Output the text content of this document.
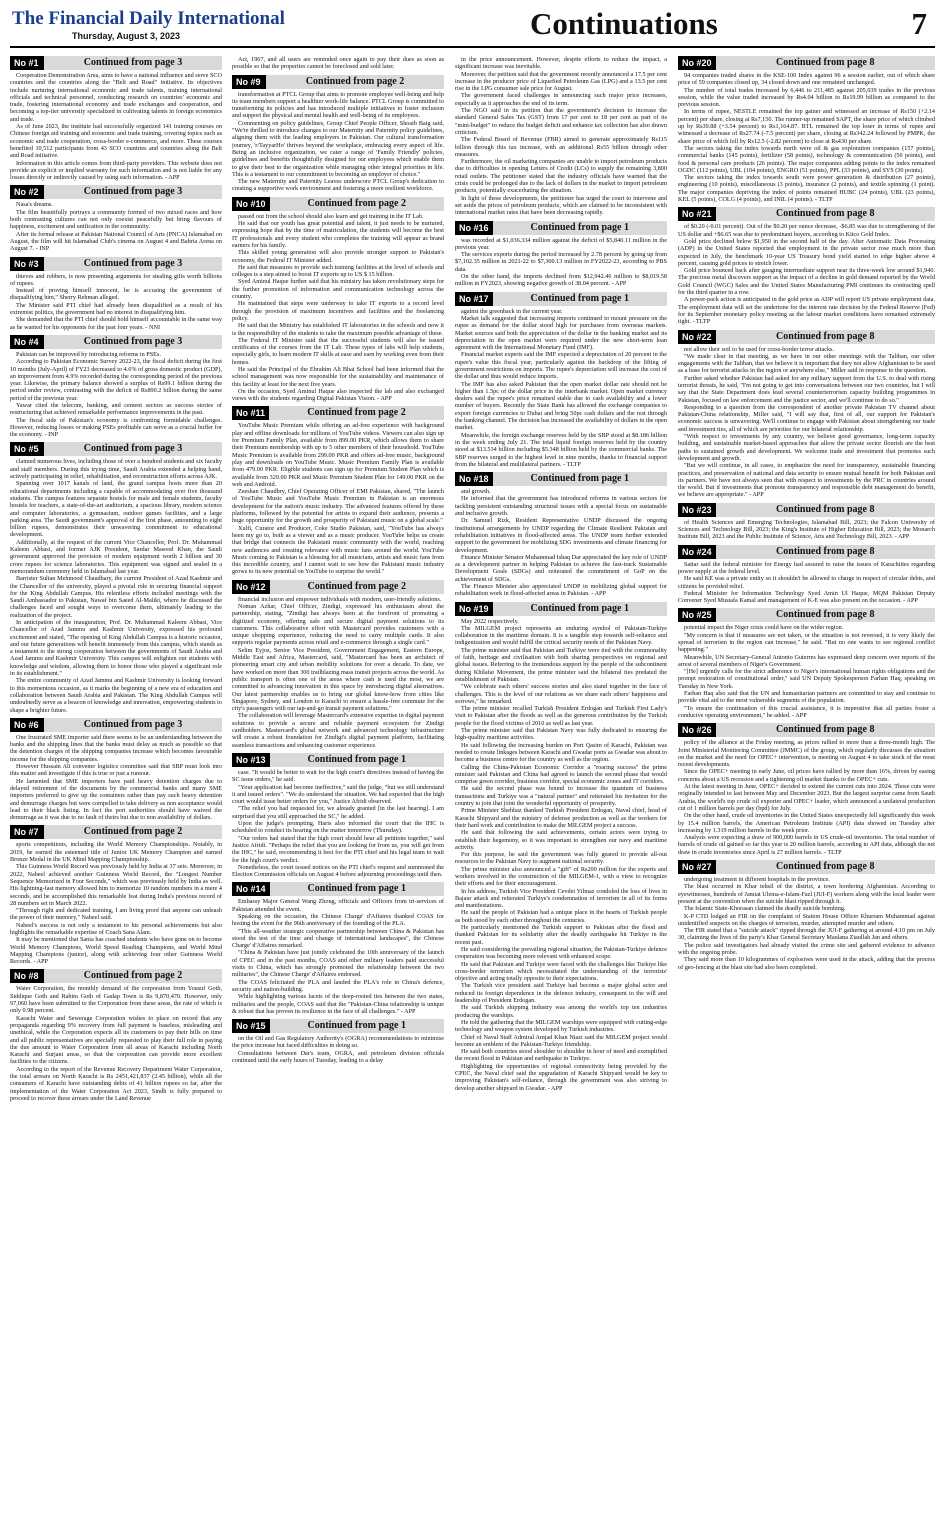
The Financial Daily International
Thursday, August 3, 2023	Continuations	7
No #1	Continued from page 3

Cooperation Demonstration Area, aims to have a national influence and serve SCO countries and the countries along the "Belt and Road" initiative. Its objectives include nurturing international economic and trade talents, training international officials and technical personnel, conducting research on countries' economic and trade, fostering international economy and trade exchanges and cooperation, and becoming a top-tier university specialized in cultivating talents in foreign economics and trade.

As of June 2023, the institute had successfully organized 141 training courses on Chinese foreign aid training and economic and trade training, covering topics such as economic and trade cooperation, cross-border e-commerce, and more. These courses benefited 10,512 participants from 43 SCO countries and countries along the Belt and Road initiative.

Information in this article comes from third-party providers. This website does not provide an explicit or implied warranty for such information and is not liable for any losses directly or indirectly caused by using such information. - APP

No #2	Continued from page 3

Nasa's dreams.

The film beautifully portrays a community formed of two mixed races and how both contrasting cultures can not only coexist peacefully but bring flavours of happiness, excitement and unification in the community.

After its formal release at Pakistan National Council of Arts (PNCA) Islamabad on August, the film will hit Islamabad Club's cinema on August 4 and Bahria Arena on August 7. - INP

No #3	Continued from page 3

thieves and robbers, is now presenting arguments for stealing gifts worth billions of rupees.

Instead of proving himself innocent, he is accusing the government of disqualifying him," Sherry Rehman alleged.

The Minister said PTI chief had already been disqualified as a result of his extremist politics, the government had no interest in disqualifying him.

She demanded that the PTI chief should hold himself accountable in the same way as he wanted for his opponents for the past four years. - NNI

No #4	Continued from page 3

Pakistan can be improved by introducing reforms in PSEs.

According to Pakistan Economic Survey 2022-23, the fiscal deficit during the first 10 months (July-April) of FY23 decreased to 4.6% of gross domestic product (GDP), an improvement from 4.9% recorded during the corresponding period of the previous year. Likewise, the primary balance showed a surplus of Rs99.1 billion during the period under review, contrasting with the deficit of Rs890.2 billion during the same period of the previous year.

Yawar cited the telecom, banking, and cement sectors as success stories of restructuring that achieved remarkable performance improvements in the past.

The fiscal side of Pakistan's economy is confronting formidable challenges. However, reducing losses or making PSEs profitable can serve as a crucial buffer for the economy. - INP

No #5	Continued from page 3

claimed numerous lives, including those of over a hundred students and six faculty and staff members. During this trying time, Saudi Arabia extended a helping hand, actively participating in relief, rehabilitation, and reconstruction efforts across AJK.

Spanning over 1017 kanals of land, the grand campus hosts more than 20 educational departments including a capable of accommodating over five thousand students. The campus features separate hostels for male and female students, faculty hostels for teachers, a state-of-the-art auditorium, a spacious library, modern science and computer laboratories, a gymnasium, outdoor games facilities, and a large parking area. The Saudi government's approval of the first phase, amounting to eight billion rupees, demonstrates their unwavering commitment to educational development.

Additionally, at the request of the current Vice Chancellor, Prof. Dr. Muhammad Kaleem Abbasi, and former AJK President, Sardar Masood Khan, the Saudi government approved the provision of modern equipment worth 2 billion and 30 crore rupees for science laboratories. This equipment was signed and sealed in a memorandum ceremony held in Islamabad last year.

Barrister Sultan Mehmood Chaudhary, the current President of Azad Kashmir and the Chancellor of the university, played a pivotal role in securing financial support for the King Abdullah Campus. His relentless efforts included meetings with the Saudi Ambassador to Pakistan, Nawaf bin Saeed Al-Maliki, where he discussed the challenges faced and sought ways to overcome them, ultimately leading to the realization of the project.

In anticipation of the inauguration, Prof. Dr. Muhammad Kaleem Abbasi, Vice Chancellor of Azad Jammu and Kashmir University, expressed his profound excitement and stated, "The opening of King Abdullah Campus is a historic occasion, and our future generations will benefit immensely from this campus, which stands as a testament to the strong cooperation between the governments of Saudi Arabia and Azad Jammu and Kashmir University. This campus will enlighten our students with knowledge and wisdom, allowing them to honor those who played a significant role in its establishment."

The entire community of Azad Jammu and Kashmir University is looking forward to this momentous occasion, as it marks the beginning of a new era of education and collaboration between Saudi Arabia and Pakistan. The King Abdullah Campus will undoubtedly serve as a beacon of knowledge and innovation, empowering students to shape a brighter future.

No #6	Continued from page 3

One frustrated SME importer said there seems to be an understanding between the banks and the shipping lines that the banks must delay as much as possible so that the detention charges of the shipping companies increase which becomes favourable income for the shipping companies.

However Hussain Ali convener logistics committee said that SBP must look into this matter and investigate if this is true or just a rumour.

He lamented that SME importers have paid heavy detention charges due to delayed retirement of the documents by the commercial banks and many SME importers preferred to give up the containers rather than pay such heavy detention and demurrage charges but were compelled to take delivery as non acceptance would lead to their black listing. In fact the port authorities should have waived the demurrage as it was due to no fault of theirs but due to non availability of dollars.

No #7	Continued from page 2

sports competitions, including the World Memory Championships. Notably, in 2019, he earned the esteemed title of Junior UK Memory Champion and earned Bronze Medal in the UK Mind Mapping Championship.

This Guinness World Record was previously held by India at 37 sets. Moreover, in 2022, Nabeel achieved another Guinness World Record, the "Longest Number Sequence Memorized in Four Seconds," which was previously held by India as well. His lightning-fast memory allowed him to memorize 10 random numbers in a mere 4 seconds, and he accomplished this remarkable feat during India's previous record of 28 numbers set in March 2022.

"Through right and dedicated training, I am living proof that anyone can unleash the power of their memory," Nabeel said.

Nabeel's success is not only a testament to his personal achievements but also highlights the remarkable expertise of Coach Sana Alam.

It may be mentioned that Sania has coached students who have gone on to become World Memory Champions, World Speed Reading Champions, and World Mind Mapping Champions (junior), along with achieving four other Guinness World Records. - APP

No #8	Continued from page 2

Water Corporation, the monthly demand of the corporation from Yousuf Goth, Siddique Goth and Rahim Goth of Gadap Town is Rs 9,870,470. However, only 97,060 have been submitted to the Corporation from these areas, the rate of which is only 0.98 percent.

Karachi Water and Sewerage Corporation wishes to place on record that any propaganda regarding 9% recovery from full payment is baseless, misleading and unethical, while the Corporation expects all its customers to pay their bills on time and all public representatives are specially requested to play their full role in paying the due amount to Water Corporation from all areas of Karachi including North Karachi and Surjani areas, so that the corporation can provide more excellent facilities to the citizens.

According to the report of the Revenue Recovery Department Water Corporation, the total arrears on North Karachi is Rs 2451,421,837 (2.45 billion), while all the consumers of Karachi have outstanding debts of 41 billion rupees so far, after the implementation of the Water Corporation Act 2023, Sindh is fully prepared to proceed to recover these arrears under the Land Revenue

Act, 1967, and all users are reminded once again to pay their dues as soon as possible so that the properties cannot be foreclosed and sold later.

No #9	Continued from page 2

transformation at PTCL Group that aims to promote employee well-being and help its team members support a healthier work-life balance. PTCL Group is committed to transforming its policies and has introduced multiple initiatives to foster inclusion and support the physical and mental health and well-being of its employees.

Commenting on policy guidelines, Group Chief People Officer, Shoaib Baig said, "We're thrilled to introduce changes to our Maternity and Paternity policy guidelines, aligning them with the leading employers in Pakistan. Our cultural transformation journey, 'r/TayyarHo' thrives beyond the workplace, embracing every aspect of life. Being an inclusive organization, we cater a range of 'Family Friendly' policies, guidelines and benefits thoughtfully designed for our employees which enable them to give their best to the organization while managing other integral priorities in life. This is a testament to our commitment to becoming an employer of choice."

The new Maternity and Paternity Leaves underscore PTCL Group's dedication to creating a supportive work environment and fostering a more resilient workforce.

No #10	Continued from page 2

passed out from the school should also learn and get training in the IT Lab.

He said that our youth has great potential and talent, it just needs to be nurtured, expressing hope that by the time of matriculation, the students will become the best IT professionals and every student who completes the training will appear as brand earners for his family.

This skilled young generation will also provide stronger support to Pakistan's economy, the Federal IT Minister added.

He said that measures to provide such training facilities at the level of schools and colleges is a step aimed to boost IT exports up to US $ 15 billion.

Syed Aminul Haque further said that his ministry has taken revolutionary steps for the further promotion of information and communication technology across the country.

He maintained that steps were underway to take IT exports to a record level through the provision of maximum incentives and facilities and the freelancing policy.

He said that the Ministry has established IT laboratories in the schools and now it is the responsibility of the students to take the maximum possible advantage of these.

The Federal IT Minister said that the successful students will also be issued certificates of the courses from the IT Lab. These types of labs will help students, especially girls, to learn modern IT skills at ease and earn by working even from their homes.

He said the Principal of the Ebrahim Ali Bhai School had been informed that the school management was now responsible for the sustainability and maintenance of this facility at least for the next five years.

On the occasion, Syed Aminul Haque also inspected the lab and also exchanged views with the students regarding Digital Pakistan Vision. - APP

No #11	Continued from page 2

YouTube Music Premium while offering an ad-free experience with background play and offline downloads for millions of YouTube videos. Viewers can also sign up for Premium Family Plan, available from 899.00 PKR, which allows them to share their Premium membership with up to 5 other members of their household. YouTube Music Premium is available from 299.00 PKR and offers ad-free music, background play and downloads on YouTube Music. Music Premium Family Plan is available from 479.00 PKR. Eligible students can sign up for Premium Student Plan which is available from 329.00 PKR and Music Premium Student Plan for 149.00 PKR on the web and Android.

Zeeshan Chaudhry, Chief Operating Officer of EMI Pakistan, shared, "The launch of YouTube Music and YouTube Music Premium in Pakistan is an enormous development for the nation's music industry. The advanced features offered by these platforms, followed by the potential for artists to expand their audience, presents a huge opportunity for the growth and prosperity of Pakistani music on a global scale."

Xulfi, Curator and Producer, Coke Studio Pakistan, said, "YouTube has always been my go to, both as a viewer and as a music producer. YouTube helps us create that bridge that connects the Pakistani music community with the world, reaching new audiences and creating relevance with music fans around the world. YouTube Music coming to Pakistan is a blessing for all musicians, artists and music fans from this incredible country, and I cannot wait to see how the Pakistani music industry grows to its new potential on YouTube to surprise the world."

No #12	Continued from page 2

financial inclusion and empower individuals with modern, user-friendly solutions.

Noman Azhar, Chief Officer, Zindigi, expressed his enthusiasm about the partnership, stating, "Zindigi has always been at the forefront of promoting a digitized economy, offering safe and secure digital payment solutions to its customers. This collaborative effort with Mastercard provides customers with a unique shopping experience, reducing the need to carry multiple cards. It also supports regular payments across retail and e-commerce through a single card."

Selim Eyjoz, Senior Vice President, Government Engagement, Eastern Europe, Middle East and Africa, Mastercard, said, "Mastercard has been an architect of pioneering smart city and urban mobility solutions for over a decade. To date, we have worked on more than 300 trailblazing mass transit projects across the world. As public transport is often one of the areas where cash is used the most, we are committed to advancing innovation in this space by introducing digital alternatives. Our latest partnership enables us to bring our global know-how from cities like Singapore, Sydney, and London to Karachi to ensure a hassle-free commute for the city's passengers with our tap-and-go transit payment solutions."

The collaboration will leverage Mastercard's extensive expertise in digital payment solutions to provide a secure and reliable payment ecosystem for Zindigi cardholders. Mastercard's global network and advanced technology infrastructure will create a robust foundation for Zindigi's digital payment platform, facilitating seamless transactions and enhancing customer experience.

No #13	Continued from page 1

case. "It would be better to wait for the high court's directives instead of having the SC issue orders," he said.

"Your application had become ineffective," said the judge, "but we still understand it and issued orders". "We do understand the situation. We had expected that the high court would issue better orders for you," Justice Afridi observed.

"The relief you had requested for, we already granted [in the last hearing]. I am surprised that you still approached the SC," he added.

Upon the judge's prompting, Haris also informed the court that the IHC is scheduled to conduct its hearing on the matter tomorrow (Thursday).

"Our orders had stated that the high court should hear all petitions together," said Justice Afridi. "Perhaps the relief that you are looking for from us, you will get from the IHC," he said, recommending it best for the PTI chief and his legal team to wait for the high court's verdict.

Nonetheless, the court issued notices on the PTI chief's request and summoned the Election Commission officials on August 4 before adjourning proceedings until then.

No #14	Continued from page 1

Embassy Major General Wang Zhong, officials and Officers from tri-services of Pakistan attended the event.

Speaking on the occasion, the Chinese Charge' d'Affaires thanked COAS for hosting the event for the 96th anniversary of the founding of the PLA.

"This all-weather strategic cooperative partnership between China & Pakistan has stood the test of the time and change of international landscapes", the Chinese Charge' d'Affaires remarked.

"China & Pakistan have just jointly celebrated the 10th anniversary of the launch of CPEC and in the past months, COAS and other military leaders paid successful visits to China, which has strongly promoted the relationship between the two militaries", the Chinese Charge' d'Affaires endorsed.

The COAS felicitated the PLA and lauded the PLA's role in China's defence, security and nation-building.

While highlighting various facets of the deep-rooted ties between the two states, militaries and the people, COAS said that the "Pakistan-China relationship is unique & robust that has proven its resilience in the face of all challenges." - APP

No #15	Continued from page 1

on the Oil and Gas Regulatory Authority's (OGRA) recommendations to minimise the price increase but faced difficulties in doing so.

Consultations between Dar's team, OGRA, and petroleum division officials continued until the early hours of Tuesday, leading to a delay

in the price announcement. However, despite efforts to reduce the impact, a significant increase was inevitable.

Moreover, the petition said that the government recently announced a 17.5 per cent increase in the producer price of Liquefied Petroleum Gas (LPG) and a 13.5 per cent rise in the LPG consumer sale price for August.

The government faced challenges in announcing such major price increases, especially as it approaches the end of its term.

The NGO said in its petition that the government's decision to increase the standard General Sales Tax (GST) from 17 per cent to 18 per cent as part of its "mini-budget" to reduce the budget deficit and enhance tax collection has also drawn criticism.

The Federal Board of Revenue (FBR) aimed to generate approximately Rs115 billion through this tax increase, with an additional Rs55 billion through other measures.

Furthermore, the oil marketing companies are unable to import petroleum products due to difficulties in opening Letters of Credit (LCs) to supply the remaining 3,800 retail outlets. The petitioner stated that the industry officials have warned that the crisis could be prolonged due to the lack of dollars in the market to import petroleum products, potentially exacerbating the situation.

In light of these developments, the petitioner has urged the court to intervene and set aside the prices of petroleum products, which are claimed to be inconsistent with international market rates that have been decreasing rapidly.

No #16	Continued from page 1

was recorded at $1,036.334 million against the deficit of $5,840.11 million in the previous year.

The services exports during the period increased by 2.78 percent by going up from $7,102.35 million in 2021-22 to $7,300.13 million in FY2022-23, according to PBS data.

On the other hand, the imports declined from $12,942.46 million to $8,019.58 million in FY2023, showing negative growth of 38.04 percent. - APP

No #17	Continued from page 1

against the greenback in the current year.

Market talk suggested that increasing imports continued to mount pressure on the rupee as demand for the dollar stood high for purchases from overseas markets. Market sources said both the appreciation of the dollar in the banking market and its depreciation in the open market were required under the new short-term loan agreement with the International Monetary Fund (IMF).

Financial market experts said the IMF expected a depreciation of 20 percent in the rupee's value this fiscal year, particularly against the backdrop of the lifting of government restrictions on imports. The rupee's depreciation will increase the cost of the dollar and thus would reduce imports.

The IMF has also asked Pakistan that the open market dollar rate should not be higher than 1.5pc of the dollar price in the interbank market. Open market currency dealers said the rupee's price remained stable due to cash availability and a lower number of buyers. Recently the State Bank has allowed the exchange companies to export foreign currencies to Dubai and bring 50pc cash dollars and the rest through the banking channel. The decision has increased the availability of dollars in the open market.

Meanwhile, the foreign exchange reserves held by the SBP stood at $8.186 billion in the week ending July 21. The total liquid foreign reserves held by the country stood at $13.534 billion including $5.348 billion held by the commercial banks. The SBP reserves surged to the highest level in nine months, thanks to financial support from the bilateral and multilateral partners. - TLTP

No #18	Continued from page 1

and growth.

He informed that the government has introduced reforms in various sectors for tackling persistent outstanding structural issues with a special focus on sustainable and inclusive growth.

Dr. Samuel Rizk, Resident Representative UNDP discussed the ongoing institutional arrangements by UNDP regarding the Climate Resilient Pakistan and rehabilitation initiatives in flood-affected areas. The UNDP team further extended support to the government for mobilizing SDG investments and climate financing for development.

Finance Minister Senator Muhammad Ishaq Dar appreciated the key role of UNDP as a development partner in helping Pakistan to achieve the fast-track Sustainable Development Goals (SDGs) and reiterated the commitment of GoP on the achievement of SDGs.

The Finance Minister also appreciated UNDP in mobilizing global support for rehabilitation work in flood-affected areas in Pakistan. - APP

No #19	Continued from page 1

May 2022 respectively.

The MILGEM project represents an enduring symbol of Pakistan-Turkiye collaboration in the maritime domain. It is a tangible step towards self-reliance and indigenization and would fulfill the critical security needs of the Pakistan Navy.

The prime minister said that Pakistan and Turkiye were tied with the commonality of faith, heritage and civilisation with both sharing perspectives on regional and global issues. Referring to the tremendous support by the people of the subcontinent during Khilafat Movement, the prime minister said the bilateral ties predated the establishment of Pakistan.

"We celebrate each others' success stories and also stand together in the face of challenges. This is the level of our relations as we share each others' happiness and sorrows," he remarked.

The prime minister recalled Turkish President Erdogan and Turkish First Lady's visit to Pakistan after the floods as well as the generous contribution by the Turkish people for the flood victims of 2010 as well as last year.

The prime minister said that Pakistan Navy was fully dedicated to ensuring the high-quality maritime activities.

He said following the increasing burden on Port Qasim of Karachi, Pakistan was needed to create linkages between Karachi and Gwadar ports as Gwadar was about to become a business centre for the country as well as the region.

Calling the China-Pakistan Economic Corridor a "roaring success" the prime minister said Pakistan and China had agreed to launch the second phase that would comprise green corridor, business corridor, special economic zones and IT corridors.

He said the second phase was bound to increase the quantum of business transactions and Turkiye was a "natural partner" and reiterated his invitation for the country to join that joint the wonderful opportunity of prosperity.

Prime Minister Shehbaz thanked Turkish President Erdogan, Naval chief, head of Karachi Shipyard and the ministry of defense production as well as the workers for their hard work and contribution to make the MILGEM project a success.

He said that following the said achievements, certain actors were trying to establish their hegemony, so it was important to strengthen our navy and maritime activity.

For this purpose, he said the government was fully geared to provide all-out resources to the Pakistan Navy to augment national security.

The prime minister also announced a "gift" of Rs200 million for the experts and workers involved in the construction of the MILGEM-1, with a view to recognize their efforts and for their encouragement.

In his address, Turkish Vice President Cevdet Yilmaz condoled the loss of lives in Bajaur attack and reiterated Turkiye's condemnation of terrorism in all of its forms and manifestations.

He said the people of Pakistan had a unique place in the hearts of Turkish people as both stood by each other throughout the centuries.

He particularly mentioned the Turkish support to Pakistan after the flood and thanked Pakistan for its solidarity after the deadly earthquake hit Turkiye in the recent past.

He said considering the prevailing regional situation, the Pakistan-Turkiye defence cooperation was becoming more relevant with enhanced scope.

He said that Pakistan and Turkiye were faced with the challenges like Turkiye like cross-border terrorism which necessitated the understanding of the terrorists' objective and acting totally opposite to their expectations.

The Turkish vice president said Turkiye had become a major global actor and reduced its foreign dependence in the defence industry, consequent to the will and leadership of President Erdogan.

He said Turkish shipping industry was among the world's top ten industries producing the warships.

He told the gathering that the MILGEM warships were equipped with cutting-edge technology and weapon system developed by Turkish industries.

Chief of Naval Staff Admiral Amjad Khan Niazi said the MILGEM project would become an emblem of the Pakistan-Turkiye friendship.

He said both countries stood shoulder to shoulder in hour of need and exemplified the recent flood in Pakistan and earthquake in Turkiye.

Highlighting the opportunities of regional connectivity being provided by the CPEC, the Naval chief said the upgradation of Karachi Shipyard would be key to improving Pakistan's self-reliance, through the government was also striving to develop another shipyard in Gwadar. - APP

No #20	Continued from page 8

94 companies traded shares in the KSE-100 Index against 96 a session earlier, out of which share price of 59 companies closed up, 34 closed down and one remained unchanged.

The number of total trades increased by 6,446 to 211,485 against 205,039 trades in the previous session, while the value traded increased by Rs4.04 billion to Rs19.99 billion as compared to the previous session.

In terms of rupee, NESTLE remained the top gainer and witnessed an increase of Rs150 (+2.14 percent) per share, closing at Rs7,150. The runner-up remained SAPT, the share price of which climbed up by Rs39.88 (+3.54 percent) to Rs1,164.87. BTL remained the top loser in terms of rupee and witnessed a decrease of Rs27.74 (-7.5 percent) per share, closing at Rs342.24 followed by PMPK, the share price of which fell by Rs12.5 (-2.82 percent) to close at Rs430 per share.

The sectors taking the index towards north were oil & gas exploration companies (157 points), commercial banks (145 points), fertilizer (58 points), technology & communication (50 points), and food & personal care products (26 points). The major companies adding points to the index remained OGDC (112 points), UBL (104 points), ENGRO (51 points), PPL (33 points), and SYS (30 points).

The sectors taking the index towards south were power generation & distribution (27 points), engineering (10 points), miscellaneous (3 points), insurance (2 points), and textile spinning (1 point). The major companies depriving the index of points remained HUBC (24 points), UBL (23 points), KEL (5 points), COLG (4 points), and INIL (4 points). - TLTP

No #21	Continued from page 8

of $0.20 (-0.01 percent). Out of the $0.20 per ounce decrease, -$6.85 was due to strengthening of the US dollar and +$6.65 was due to predominant buyers, according to Kitco Gold Index.

Gold price declined below $1,950 in the second half of the day. After Automatic Data Processing (ADP) in the United States reported that employment in the private sector rose much more than expected in July, the benchmark 10-year US Treasury bond yield started to edge higher above 4 percent, causing gold prices to stretch lower.

Gold price bounced back after gauging intermediate support near its three-week low around $1,940. The precious metal discovers support as the impact of a decline in gold demand reported by the World Gold Council (WGC) Sales and the United States Manufacturing PMI continues its contracting spell for the third quarter in a row.

A power-pack action is anticipated in the gold price as ADP will report US private employment data. The employment data will set the undertone for the interest rate decision by the Federal Reserve (Fed) for its September monetary policy meeting as the labour market conditions have remained extremely tight. - TLTP

No #22	Continued from page 8

not allow their soil to be used for cross-border terror attacks.

"We made clear in that meeting, as we have in our other meetings with the Taliban, our other engagements with the Taliban, that we believe it is important that they not allow Afghanistan to be used as a base for terrorist attacks in the region or anywhere else," Miller said in response to the question.

Further asked whether Pakistan had asked for any military support from the U.S. to deal with rising terrorist threats, he said, "I'm not going to get into conversations between our two countries, but I will say that the State Department does lead several counterterrorism capacity building programmes in Pakistan, focused on law enforcement and the justice sector, and we'll continue to do so."

Responding to a question from the correspondent of another private Pakistan TV channel about Pakistan-China relationship, Miller said, "I will say that, first of all, our support for Pakistan's economic success is unwavering. We'll continue to engage with Pakistan about strengthening our trade and investment ties, all of which are priorities for our bilateral relationship.

"With respect to investments by any country, we believe good governance, long-term capacity building, and sustainable market-based approaches that allow the private sector flourish are the best paths to sustained growth and development. We welcome trade and investment that promotes such development and growth.

"But we will continue, in all cases, to emphasize the need for transparency, sustainable financing practices, and preservation of national and data security to ensure mutual benefit for both Pakistan and its partners. We have not always seen that with respect to investments by the PRC in countries around the world. But if investments that promote transparency and responsible debt management do benefit, we believe are appropriate." - APP

No #23	Continued from page 8

of Health Sciences and Emerging Technologies, Islamabad Bill, 2023; the Falcon University of Sciences and Technology Bill, 2023; the King's Institute of Higher Education Bill, 2023; the Monarch Institute Bill, 2023 and the Public Institute of Science, Arts and Technology Bill, 2023. - APP

No #24	Continued from page 8

Sattar said the federal minister for Energy had assured to raise the issues of Karachiites regarding power supply at the federal level.

He said KE was a private entity so it shouldn't be allowed to charge in respect of circular debts, and citizens be provided relief.

Federal Minister for Information Technology Syed Amin Ul Haque, MQM Pakistan Deputy Convener Syed Mustafa Kamal and management of K-E was also present on the occasion. - APP

No #25	Continued from page 8

potential impact the Niger crisis could have on the wider region.

"My concern is that if measures are not taken, or the situation is not reversed, it is very likely the spread of terrorism in the region can increase," he said. "But no one wants to see regional conflict happening."

Meanwhile, UN Secretary-General Antonio Guterres has expressed deep concern over reports of the arrest of several members of Niger's Government.

"[He] urgently calls for the strict adherence to Niger's international human rights obligations and the prompt restoration of constitutional order," said UN Deputy Spokesperson Farhan Haq, speaking on Tuesday in New York.

Farhan Haq also said that the UN and humanitarian partners are committed to stay and continue to provide vital aid to the most vulnerable segments of the population.

"To ensure the continuation of this crucial assistance, it is imperative that all parties foster a conducive operating environment," he added. - APP

No #26	Continued from page 8

policy of the alliance at the Friday meeting, as prices rallied to more than a three-month high. The Joint Ministerial Monitoring Committee (JMMC) of the group, which regularly discusses the situation on the market and the need for OPEC+ intervention, is meeting on August 4 to take stock of the most recent developments.

Since the OPEC+ meeting in early June, oil prices have rallied by more than 16%, driven by easing concerns about a US recession and a tightening oil market thanks to the OPEC+ cuts.

At the latest meeting in June, OPEC+ decided to extend the current cuts into 2024. Those cuts were originally intended to last between May and December 2023. But the largest surprise came from Saudi Arabia, the world's top crude oil exporter and OPEC+ leader, which announced a unilateral production cut of 1 million barrels per day (bpd) for July.

On the other hand, crude oil inventories in the United States unexpectedly fell significantly this week by 15.4 million barrels, the American Petroleum Institute (API) data showed on Tuesday after increasing by 1.319 million barrels in the week prior.

Analysts were expecting a draw of 900,000 barrels in US crude-oil inventories. The total number of barrels of crude oil gained so far this year is 20 million barrels, according to API data, although the net draw in crude inventories since April is 27 million barrels. - TLTP

No #27	Continued from page 8

undergoing treatment in different hospitals in the province.

The blast occurred in Khar tehsil of the district, a town bordering Afghanistan. According to eyewitnesses, hundreds of Jamiat Ulema-e-Islam-Fazl (JUI-F) workers along with the local leader were present at the convention when the suicide blast ripped through it.

The Islamic State-Khorasan claimed the deadly suicide bombing.

K-P CTD lodged an FIR on the complaint of Station House Officer Khurram Muhammad against unidentified suspects on the charges of terrorism, murder, attempted murder and others.

The FIR stated that a "suicide attack" ripped through the JUI-F gathering at around 4:10 pm on July 30, claiming the lives of the party's Khar General Secretary Maulana Ziaullah Jan and others.

The police said investigators had already visited the crime site and gathered evidence to advance with the ongoing probe.

They said more than 10 kilogrammes of explosives were used in the attack, adding that the process of geo-fencing at the blast site had also been completed.
